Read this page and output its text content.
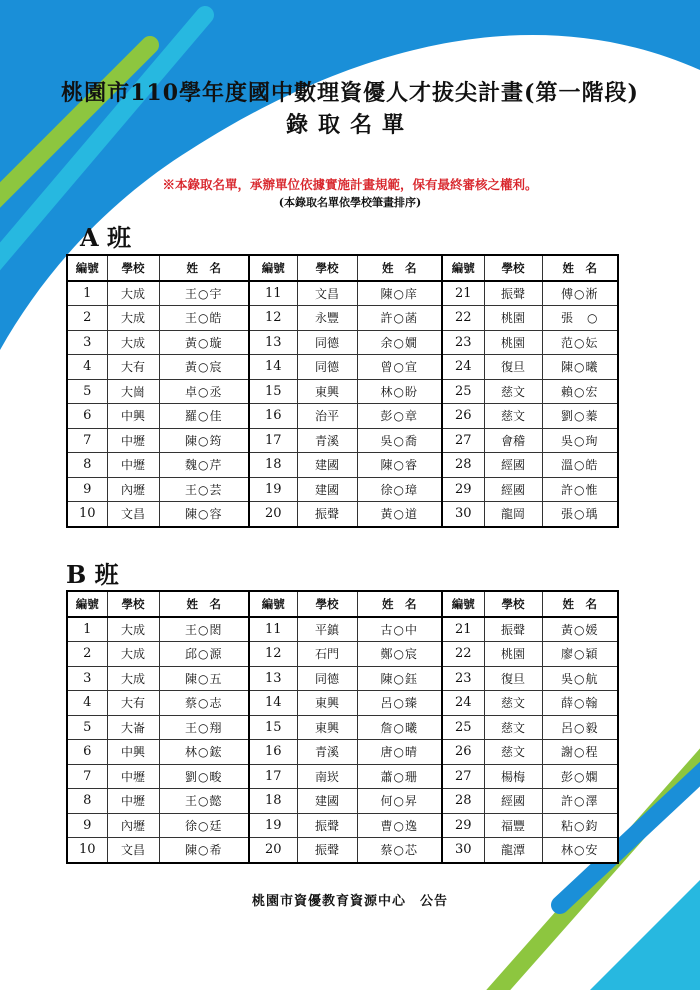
桃園市110學年度國中數理資優人才拔尖計畫(第一階段)
錄取名單
※本錄取名單，承辦單位依據實施計畫規範，保有最終審核之權利。
(本錄取名單依學校筆畫排序)
A 班
編號	學校	姓　名	編號	學校	姓　名	編號	學校	姓　名
1	大成	王○宇	11	文昌	陳○庠	21	振聲	傅○淅
2	大成	王○皓	12	永豐	許○菡	22	桃園	張　○
3	大成	黃○璇	13	同德	余○嫺	23	桃園	范○妘
4	大有	黃○宸	14	同德	曾○宣	24	復旦	陳○曦
5	大崗	卓○丞	15	東興	林○盼	25	慈文	賴○宏
6	中興	羅○佳	16	治平	彭○章	26	慈文	劉○蓁
7	中壢	陳○筠	17	青溪	吳○喬	27	會稽	吳○珣
8	中壢	魏○芹	18	建國	陳○睿	28	經國	溫○皓
9	內壢	王○芸	19	建國	徐○璋	29	經國	許○惟
10	文昌	陳○容	20	振聲	黃○道	30	龍岡	張○瑀
B 班
編號	學校	姓　名	編號	學校	姓　名	編號	學校	姓　名
1	大成	王○閎	11	平鎮	古○中	21	振聲	黃○媛
2	大成	邱○源	12	石門	鄭○宸	22	桃園	廖○穎
3	大成	陳○五	13	同德	陳○鈺	23	復旦	吳○航
4	大有	蔡○志	14	東興	呂○臻	24	慈文	薛○翰
5	大崙	王○翔	15	東興	詹○曦	25	慈文	呂○毅
6	中興	林○鋐	16	青溪	唐○晴	26	慈文	謝○程
7	中壢	劉○畯	17	南崁	蕭○珊	27	楊梅	彭○嫻
8	中壢	王○懿	18	建國	何○昇	28	經國	許○澤
9	內壢	徐○廷	19	振聲	曹○逸	29	福豐	粘○鈞
10	文昌	陳○希	20	振聲	蔡○芯	30	龍潭	林○安
桃園市資優教育資源中心　公告
